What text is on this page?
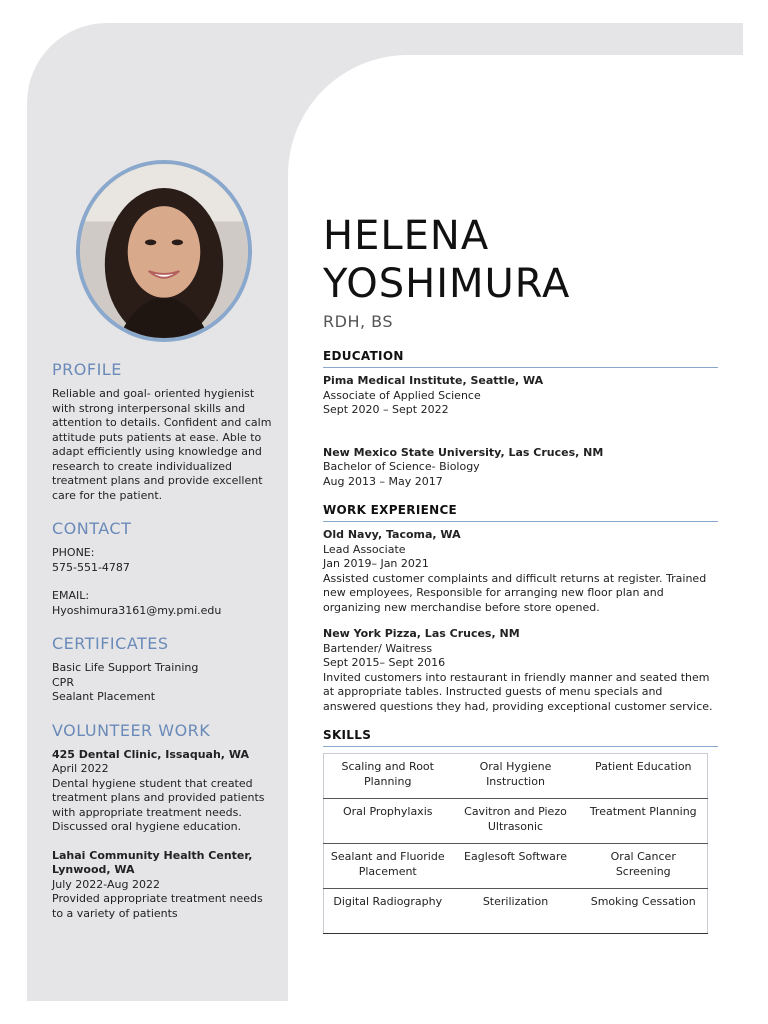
PROFILE

Reliable and goal- oriented hygienist with strong interpersonal skills and attention to details. Confident and calm attitude puts patients at ease. Able to adapt efficiently using knowledge and research to create individualized treatment plans and provide excellent care for the patient.

CONTACT
PHONE:
575-551-4787
EMAIL:
Hyoshimura3161@my.pmi.edu
CERTIFICATES
Basic Life Support Training
CPR
Sealant Placement
VOLUNTEER WORK
425 Dental Clinic, Issaquah, WA
April 2022
Dental hygiene student that created treatment plans and provided patients with appropriate treatment needs. Discussed oral hygiene education.
Lahai Community Health Center, Lynwood, WA
July 2022-Aug 2022
Provided appropriate treatment needs to a variety of patients
HELENA
YOSHIMURA
RDH, BS
EDUCATION
Pima Medical Institute, Seattle, WA
Associate of Applied Science
Sept 2020 – Sept 2022
New Mexico State University, Las Cruces, NM
Bachelor of Science- Biology
Aug 2013 – May 2017
WORK EXPERIENCE
Old Navy, Tacoma, WA
Lead Associate
Jan 2019– Jan 2021
Assisted customer complaints and difficult returns at register. Trained new employees, Responsible for arranging new floor plan and organizing new merchandise before store opened.
New York Pizza, Las Cruces, NM
Bartender/ Waitress
Sept 2015– Sept 2016
Invited customers into restaurant in friendly manner and seated them at appropriate tables. Instructed guests of menu specials and answered questions they had, providing exceptional customer service.
SKILLS
Scaling and Root Planning	Oral Hygiene Instruction	Patient Education
Oral Prophylaxis	Cavitron and Piezo Ultrasonic	Treatment Planning
Sealant and Fluoride Placement	Eaglesoft Software	Oral Cancer Screening
Digital Radiography	Sterilization	Smoking Cessation
